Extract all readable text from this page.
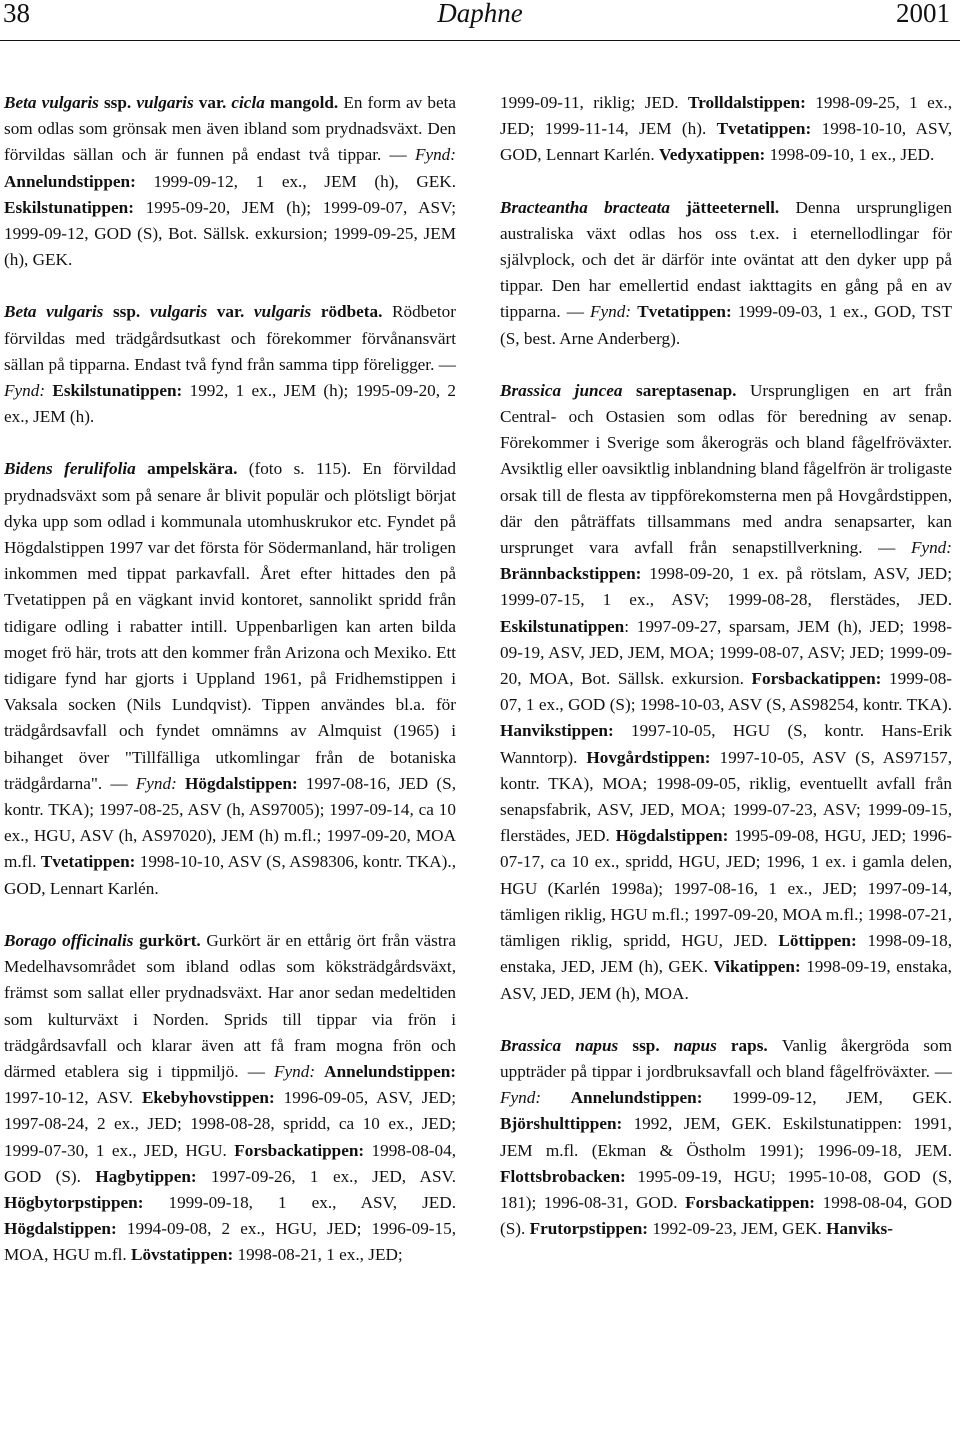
38	Daphne	2001

Beta vulgaris ssp. vulgaris var. cicla mangold. En form av beta som odlas som grönsak men även ibland som prydnadsväxt. Den förvildas sällan och är funnen på endast två tippar. — Fynd: Annelundstippen: 1999-09-12, 1 ex., JEM (h), GEK. Eskilstunatippen: 1995-09-20, JEM (h); 1999-09-07, ASV; 1999-09-12, GOD (S), Bot. Sällsk. exkursion; 1999-09-25, JEM (h), GEK.

Beta vulgaris ssp. vulgaris var. vulgaris rödbeta. Rödbetor förvildas med trädgårdsutkast och förekommer förvånansvärt sällan på tipparna. Endast två fynd från samma tipp föreligger. — Fynd: Eskilstunatippen: 1992, 1 ex., JEM (h); 1995-09-20, 2 ex., JEM (h).

Bidens ferulifolia ampelskära. (foto s. 115). En förvildad prydnadsväxt som på senare år blivit populär och plötsligt börjat dyka upp som odlad i kommunala utomhuskrukor etc. Fyndet på Högdalstippen 1997 var det första för Södermanland, här troligen inkommen med tippat parkavfall. Året efter hittades den på Tvetatippen på en vägkant invid kontoret, sannolikt spridd från tidigare odling i rabatter intill. Uppenbarligen kan arten bilda moget frö här, trots att den kommer från Arizona och Mexiko. Ett tidigare fynd har gjorts i Uppland 1961, på Fridhemstippen i Vaksala socken (Nils Lundqvist). Tippen användes bl.a. för trädgårdsavfall och fyndet omnämns av Almquist (1965) i bihanget över "Tillfälliga utkomlingar från de botaniska trädgårdarna". — Fynd: Högdalstippen: 1997-08-16, JED (S, kontr. TKA); 1997-08-25, ASV (h, AS97005); 1997-09-14, ca 10 ex., HGU, ASV (h, AS97020), JEM (h) m.fl.; 1997-09-20, MOA m.fl. Tvetatippen: 1998-10-10, ASV (S, AS98306, kontr. TKA)., GOD, Lennart Karlén.

Borago officinalis gurkört. Gurkört är en ettårig ört från västra Medelhavsområdet som ibland odlas som köksträdgårdsväxt, främst som sallat eller prydnadsväxt. Har anor sedan medeltiden som kulturväxt i Norden. Sprids till tippar via frön i trädgårdsavfall och klarar även att få fram mogna frön och därmed etablera sig i tippmiljö. — Fynd: Annelundstippen: 1997-10-12, ASV. Ekebyhovstippen: 1996-09-05, ASV, JED; 1997-08-24, 2 ex., JED; 1998-08-28, spridd, ca 10 ex., JED; 1999-07-30, 1 ex., JED, HGU. Forsbackatippen: 1998-08-04, GOD (S). Hagbytippen: 1997-09-26, 1 ex., JED, ASV. Högbytorpstippen: 1999-09-18, 1 ex., ASV, JED. Högdalstippen: 1994-09-08, 2 ex., HGU, JED; 1996-09-15, MOA, HGU m.fl. Lövstatippen: 1998-08-21, 1 ex., JED;

1999-09-11, riklig; JED. Trolldalstippen: 1998-09-25, 1 ex., JED; 1999-11-14, JEM (h). Tvetatippen: 1998-10-10, ASV, GOD, Lennart Karlén. Vedyxatippen: 1998-09-10, 1 ex., JED.

Bracteantha bracteata jätteeternell. Denna ursprungligen australiska växt odlas hos oss t.ex. i eternellodlingar för självplock, och det är därför inte oväntat att den dyker upp på tippar. Den har emellertid endast iakttagits en gång på en av tipparna. — Fynd: Tvetatippen: 1999-09-03, 1 ex., GOD, TST (S, best. Arne Anderberg).

Brassica juncea sareptasenap. Ursprungligen en art från Central- och Ostasien som odlas för beredning av senap. Förekommer i Sverige som åkerogräs och bland fågelfröväxter. Avsiktlig eller oavsiktlig inblandning bland fågelfrön är troligaste orsak till de flesta av tippförekomsterna men på Hovgårdstippen, där den påträffats tillsammans med andra senapsarter, kan ursprunget vara avfall från senapstillverkning. — Fynd: Brännbackstippen: 1998-09-20, 1 ex. på rötslam, ASV, JED; 1999-07-15, 1 ex., ASV; 1999-08-28, flerstädes, JED. Eskilstunatippen: 1997-09-27, sparsam, JEM (h), JED; 1998-09-19, ASV, JED, JEM, MOA; 1999-08-07, ASV; JED; 1999-09-20, MOA, Bot. Sällsk. exkursion. Forsbackatippen: 1999-08-07, 1 ex., GOD (S); 1998-10-03, ASV (S, AS98254, kontr. TKA). Hanvikstippen: 1997-10-05, HGU (S, kontr. Hans-Erik Wanntorp). Hovgårdstippen: 1997-10-05, ASV (S, AS97157, kontr. TKA), MOA; 1998-09-05, riklig, eventuellt avfall från senapsfabrik, ASV, JED, MOA; 1999-07-23, ASV; 1999-09-15, flerstädes, JED. Högdalstippen: 1995-09-08, HGU, JED; 1996-07-17, ca 10 ex., spridd, HGU, JED; 1996, 1 ex. i gamla delen, HGU (Karlén 1998a); 1997-08-16, 1 ex., JED; 1997-09-14, tämligen riklig, HGU m.fl.; 1997-09-20, MOA m.fl.; 1998-07-21, tämligen riklig, spridd, HGU, JED. Löttippen: 1998-09-18, enstaka, JED, JEM (h), GEK. Vikatippen: 1998-09-19, enstaka, ASV, JED, JEM (h), MOA.

Brassica napus ssp. napus raps. Vanlig åkergröda som uppträder på tippar i jordbruksavfall och bland fågelfröväxter. — Fynd: Annelundstippen: 1999-09-12, JEM, GEK. Björshulttippen: 1992, JEM, GEK. Eskilstunatippen: 1991, JEM m.fl. (Ekman & Östholm 1991); 1996-09-18, JEM. Flottsbrobacken: 1995-09-19, HGU; 1995-10-08, GOD (S, 181); 1996-08-31, GOD. Forsbackatippen: 1998-08-04, GOD (S). Frutorpstippen: 1992-09-23, JEM, GEK. Hanviks-
